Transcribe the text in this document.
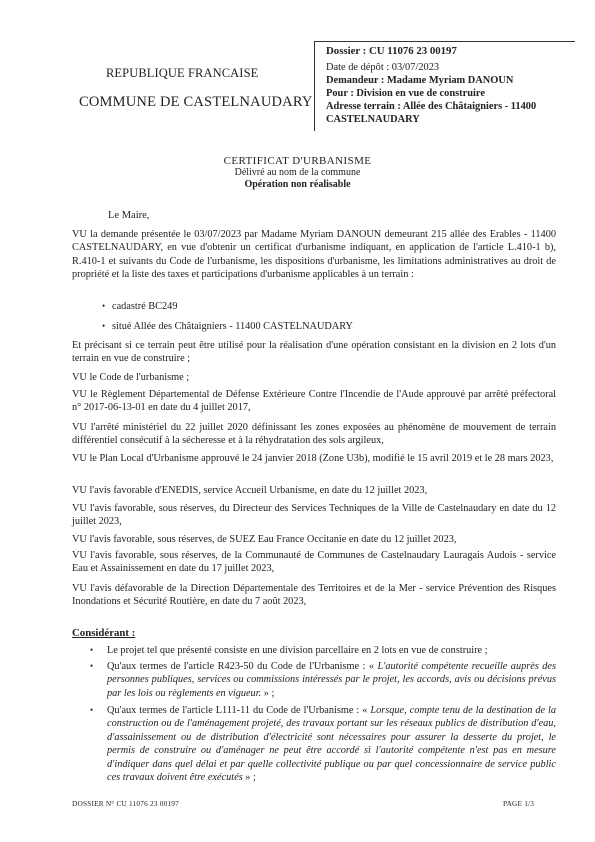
Dossier : CU 11076 23 00197
Date de dépôt : 03/07/2023
Demandeur : Madame Myriam DANOUN
Pour : Division en vue de construire
Adresse terrain : Allée des Châtaigniers - 11400
CASTELNAUDARY
REPUBLIQUE FRANCAISE
COMMUNE DE CASTELNAUDARY
CERTIFICAT D'URBANISME
Délivré au nom de la commune
Opération non réalisable
Le Maire,

VU la demande présentée le 03/07/2023 par Madame Myriam DANOUN demeurant 215 allée des Erables - 11400 CASTELNAUDARY, en vue d'obtenir un certificat d'urbanisme indiquant, en application de l'article L.410-1 b), R.410-1 et suivants du Code de l'urbanisme, les dispositions d'urbanisme, les limitations administratives au droit de propriété et la liste des taxes et participations d'urbanisme applicables à un terrain :

• cadastré BC249
• situé Allée des Châtaigniers - 11400 CASTELNAUDARY

Et précisant si ce terrain peut être utilisé pour la réalisation d'une opération consistant en la division en 2 lots d'un terrain en vue de construire ;

VU le Code de l'urbanisme ;

VU le Règlement Départemental de Défense Extérieure Contre l'Incendie de l'Aude approuvé par arrêté préfectoral n° 2017-06-13-01 en date du 4 juillet 2017,

VU l'arrêté ministériel du 22 juillet 2020 définissant les zones exposées au phénomène de mouvement de terrain différentiel consécutif à la sécheresse et à la réhydratation des sols argileux,

VU le Plan Local d'Urbanisme approuvé le 24 janvier 2018 (Zone U3b), modifié le 15 avril 2019 et le 28 mars 2023,

VU l'avis favorable d'ENEDIS, service Accueil Urbanisme, en date du 12 juillet 2023,

VU l'avis favorable, sous réserves, du Directeur des Services Techniques de la Ville de Castelnaudary en date du 12 juillet 2023,

VU l'avis favorable, sous réserves, de SUEZ Eau France Occitanie en date du 12 juillet 2023,

VU l'avis favorable, sous réserves, de la Communauté de Communes de Castelnaudary Lauragais Audois - service Eau et Assainissement en date du 17 juillet 2023,

VU l'avis défavorable de la Direction Départementale des Territoires et de la Mer - service Prévention des Risques Inondations et Sécurité Routière, en date du 7 août 2023,

Considérant :
• Le projet tel que présenté consiste en une division parcellaire en 2 lots en vue de construire ;

• Qu'aux termes de l'article R423-50 du Code de l'Urbanisme : « L'autorité compétente recueille auprès des personnes publiques, services ou commissions intéressés par le projet, les accords, avis ou décisions prévus par les lois ou règlements en vigueur. » ;

• Qu'aux termes de l'article L111-11 du Code de l'Urbanisme : « Lorsque, compte tenu de la destination de la construction ou de l'aménagement projeté, des travaux portant sur les réseaux publics de distribution d'eau, d'assainissement ou de distribution d'électricité sont nécessaires pour assurer la desserte du projet, le permis de construire ou d'aménager ne peut être accordé si l'autorité compétente n'est pas en mesure d'indiquer dans quel délai et par quelle collectivité publique ou par quel concessionnaire de service public ces travaux doivent être exécutés » ;

DOSSIER N° CU 11076 23 00197	PAGE 1/3
